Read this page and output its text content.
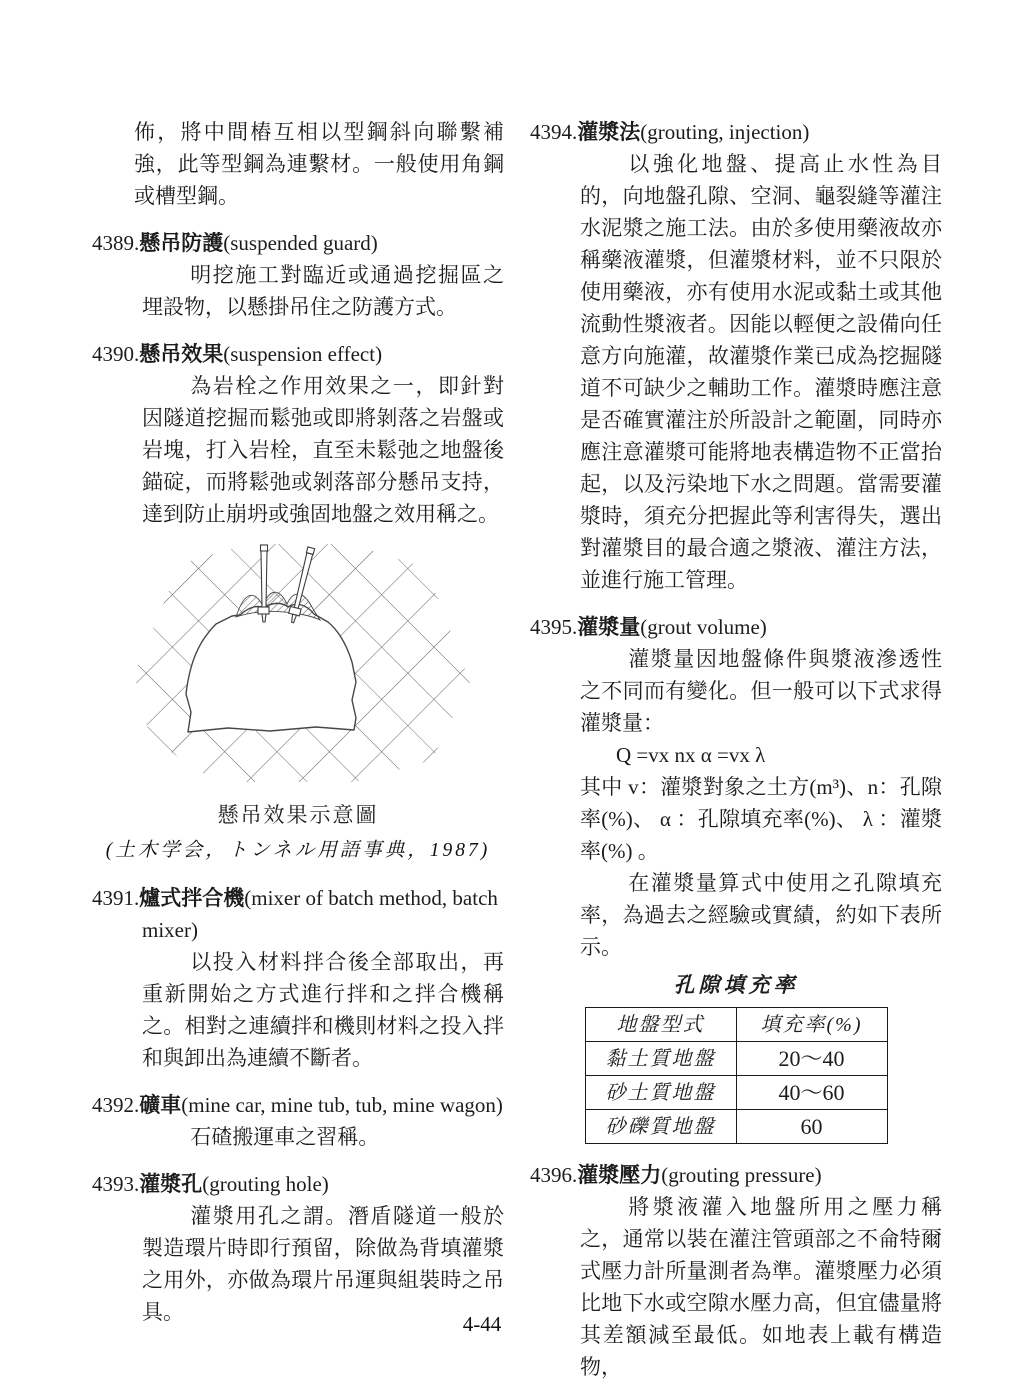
佈，將中間樁互相以型鋼斜向聯繫補強，此等型鋼為連繫材。一般使用角鋼或槽型鋼。

4389.懸吊防護(suspended guard)

明挖施工對臨近或通過挖掘區之埋設物，以懸掛吊住之防護方式。

4390.懸吊效果(suspension effect)

為岩栓之作用效果之一，即針對因隧道挖掘而鬆弛或即將剝落之岩盤或岩塊，打入岩栓，直至未鬆弛之地盤後錨碇，而將鬆弛或剝落部分懸吊支持，達到防止崩坍或強固地盤之效用稱之。

懸吊效果示意圖
(土木学会，トンネル用語事典，1987)
4391.爐式拌合機(mixer of batch method, batch mixer)

以投入材料拌合後全部取出，再重新開始之方式進行拌和之拌合機稱之。相對之連續拌和機則材料之投入拌和與卸出為連續不斷者。

4392.礦車(mine car, mine tub, tub, mine wagon)

石碴搬運車之習稱。

4393.灌漿孔(grouting hole)

灌漿用孔之謂。潛盾隧道一般於製造環片時即行預留，除做為背填灌漿之用外，亦做為環片吊運與組裝時之吊具。

4394.灌漿法(grouting, injection)

以強化地盤、提高止水性為目的，向地盤孔隙、空洞、龜裂縫等灌注水泥漿之施工法。由於多使用藥液故亦稱藥液灌漿，但灌漿材料，並不只限於使用藥液，亦有使用水泥或黏土或其他流動性漿液者。因能以輕便之設備向任意方向施灌，故灌漿作業已成為挖掘隧道不可缺少之輔助工作。灌漿時應注意是否確實灌注於所設計之範圍，同時亦應注意灌漿可能將地表構造物不正當抬起，以及污染地下水之問題。當需要灌漿時，須充分把握此等利害得失，選出對灌漿目的最合適之漿液、灌注方法，並進行施工管理。

4395.灌漿量(grout volume)

灌漿量因地盤條件與漿液滲透性之不同而有變化。但一般可以下式求得灌漿量：

Q =vx nx α =vx λ

其中 v：灌漿對象之土方(m³)、n：孔隙率(%)、 α ：孔隙填充率(%)、 λ ：灌漿率(%) 。

在灌漿量算式中使用之孔隙填充率，為過去之經驗或實績，約如下表所示。

孔隙填充率
地盤型式	填充率(%)
黏土質地盤	20〜40
砂土質地盤	40〜60
砂礫質地盤	60
4396.灌漿壓力(grouting pressure)

將漿液灌入地盤所用之壓力稱之，通常以裝在灌注管頭部之不侖特爾式壓力計所量測者為準。灌漿壓力必須比地下水或空隙水壓力高，但宜儘量將其差額減至最低。如地表上載有構造物，

4-44
